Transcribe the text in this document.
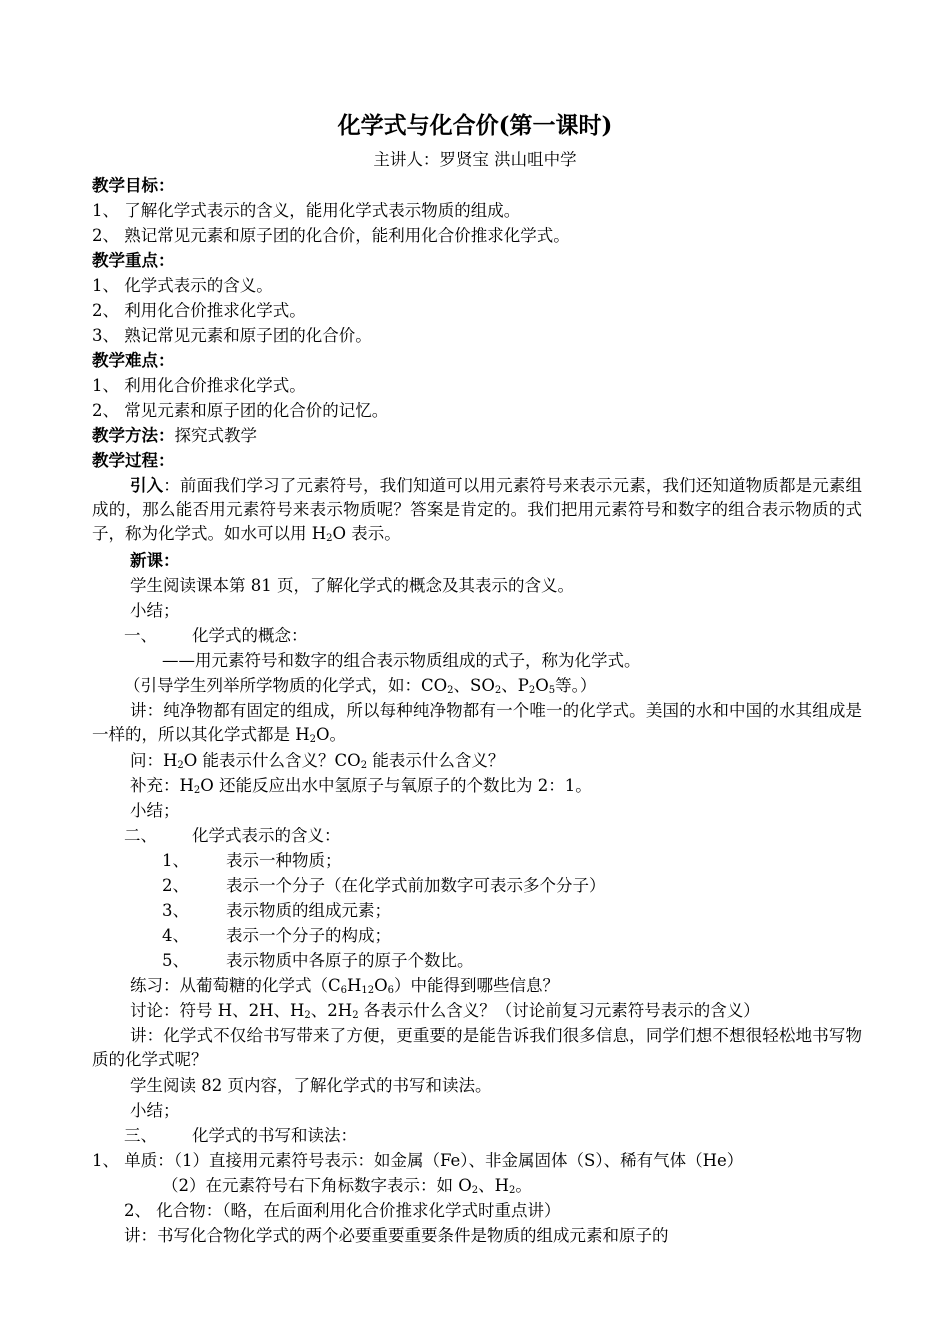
化学式与化合价(第一课时)
主讲人：罗贤宝 洪山咀中学
教学目标：
1、 了解化学式表示的含义，能用化学式表示物质的组成。
2、 熟记常见元素和原子团的化合价，能利用化合价推求化学式。
教学重点：
1、 化学式表示的含义。
2、 利用化合价推求化学式。
3、 熟记常见元素和原子团的化合价。
教学难点：
1、 利用化合价推求化学式。
2、 常见元素和原子团的化合价的记忆。
教学方法：探究式教学
教学过程：
引入：前面我们学习了元素符号，我们知道可以用元素符号来表示元素，我们还知道物质都是元素组成的，那么能否用元素符号来表示物质呢？答案是肯定的。我们把用元素符号和数字的组合表示物质的式子，称为化学式。如水可以用 $H_2O$ 表示。
新课：
学生阅读课本第 81 页，了解化学式的概念及其表示的含义。
小结；
一、 化学式的概念：
——用元素符号和数字的组合表示物质组成的式子，称为化学式。
（引导学生列举所学物质的化学式，如：$CO_2$、$SO_2$、$P_2O_5$等。）
讲：纯净物都有固定的组成，所以每种纯净物都有一个唯一的化学式。美国的水和中国的水其组成是一样的，所以其化学式都是 $H_2O$。
问：$H_2O$ 能表示什么含义？$CO_2$ 能表示什么含义？
补充：$H_2O$ 还能反应出水中氢原子与氧原子的个数比为 2：1。
小结；
二、 化学式表示的含义：
1、 表示一种物质；
2、 表示一个分子（在化学式前加数字可表示多个分子）
3、 表示物质的组成元素；
4、 表示一个分子的构成；
5、 表示物质中各原子的原子个数比。
练习：从葡萄糖的化学式$(C_6H_{12}O_6)$中能得到哪些信息？
讨论：符号 H、2H、$H_2$、$2H_2$ 各表示什么含义？（讨论前复习元素符号表示的含义）
讲：化学式不仅给书写带来了方便，更重要的是能告诉我们很多信息，同学们想不想很轻松地书写物质的化学式呢？
学生阅读 82 页内容，了解化学式的书写和读法。
小结；
三、 化学式的书写和读法：
1、 单质：（1）直接用元素符号表示：如金属（Fe）、非金属固体（S）、稀有气体（He）
（2）在元素符号右下角标数字表示：如 $O_2$、$H_2$。
2、 化合物：（略，在后面利用化合价推求化学式时重点讲）
讲：书写化合物化学式的两个必要重要重要条件是物质的组成元素和原子的
